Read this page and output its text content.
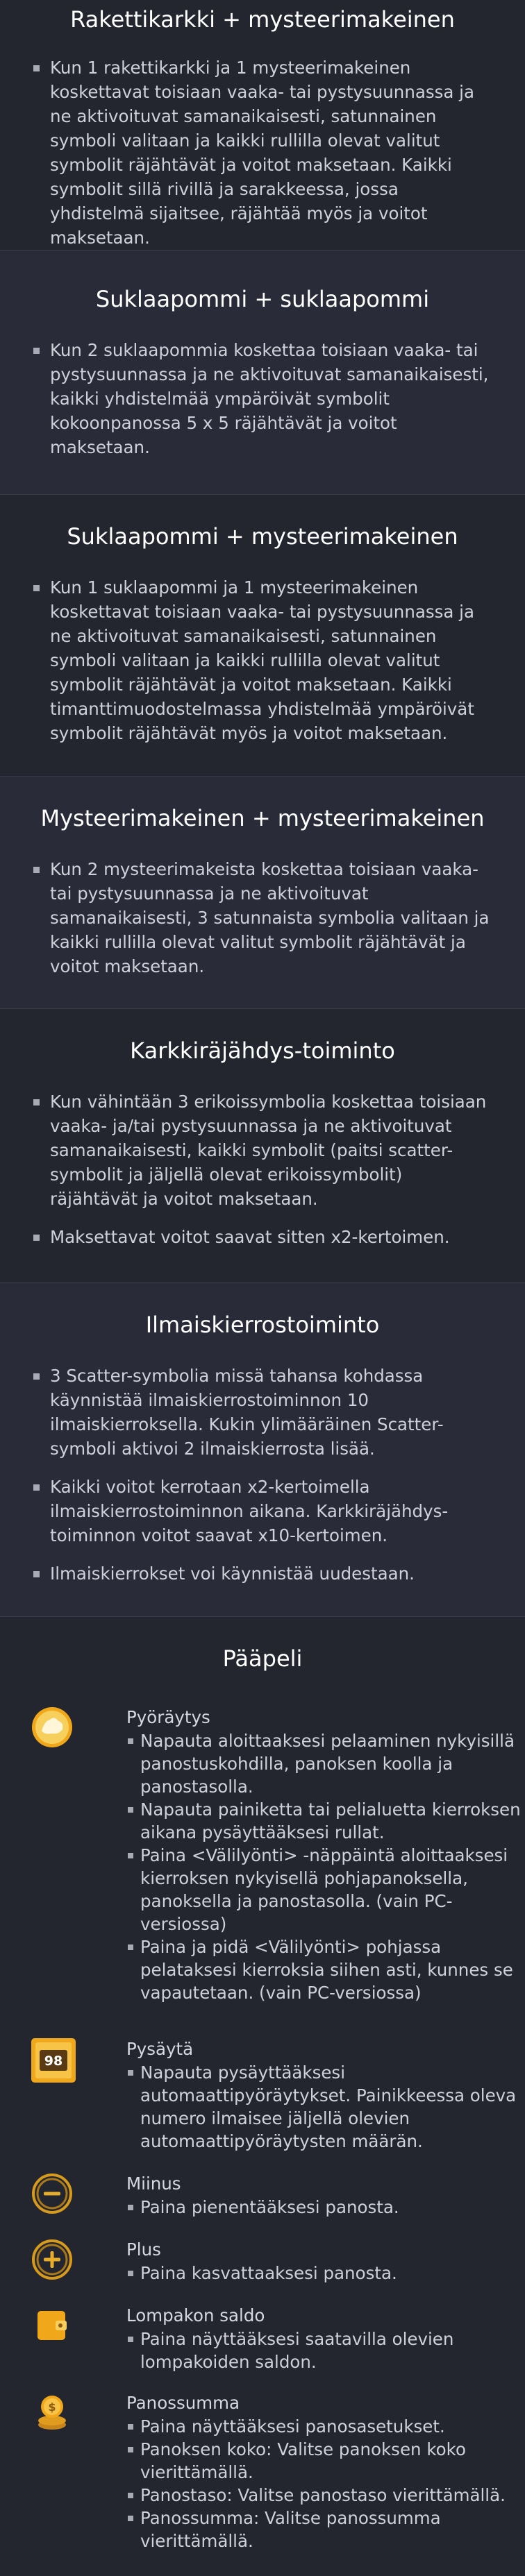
Rakettikarkki + mysteerimakeinen
Kun 1 rakettikarkki ja 1 mysteerimakeinen koskettavat toisiaan vaaka- tai pystysuunnassa ja ne aktivoituvat samanaikaisesti, satunnainen symboli valitaan ja kaikki rullilla olevat valitut symbolit räjähtävät ja voitot maksetaan. Kaikki symbolit sillä rivillä ja sarakkeessa, jossa yhdistelmä sijaitsee, räjähtää myös ja voitot maksetaan.
Suklaapommi + suklaapommi
Kun 2 suklaapommia koskettaa toisiaan vaaka- tai pystysuunnassa ja ne aktivoituvat samanaikaisesti, kaikki yhdistelmää ympäröivät symbolit kokoonpanossa 5 x 5 räjähtävät ja voitot maksetaan.
Suklaapommi + mysteerimakeinen
Kun 1 suklaapommi ja 1 mysteerimakeinen koskettavat toisiaan vaaka- tai pystysuunnassa ja ne aktivoituvat samanaikaisesti, satunnainen symboli valitaan ja kaikki rullilla olevat valitut symbolit räjähtävät ja voitot maksetaan. Kaikki timanttimuodostelmassa yhdistelmää ympäröivät symbolit räjähtävät myös ja voitot maksetaan.
Mysteerimakeinen + mysteerimakeinen
Kun 2 mysteerimakeista koskettaa toisiaan vaaka- tai pystysuunnassa ja ne aktivoituvat samanaikaisesti, 3 satunnaista symbolia valitaan ja kaikki rullilla olevat valitut symbolit räjähtävät ja voitot maksetaan.
Karkkiräjähdys-toiminto
Kun vähintään 3 erikoissymbolia koskettaa toisiaan vaaka- ja/tai pystysuunnassa ja ne aktivoituvat samanaikaisesti, kaikki symbolit (paitsi scatter-symbolit ja jäljellä olevat erikoissymbolit) räjähtävät ja voitot maksetaan.
Maksettavat voitot saavat sitten x2-kertoimen.
Ilmaiskierrostoiminto
3 Scatter-symbolia missä tahansa kohdassa käynnistää ilmaiskierrostoiminnon 10 ilmaiskierroksella. Kukin ylimääräinen Scatter-symboli aktivoi 2 ilmaiskierrosta lisää.
Kaikki voitot kerrotaan x2-kertoimella ilmaiskierrostoiminnon aikana. Karkkiräjähdys-toiminnon voitot saavat x10-kertoimen.
Ilmaiskierrokset voi käynnistää uudestaan.
Pääpeli
Pyöräytys
Napauta aloittaaksesi pelaaminen nykyisillä panostuskohdilla, panoksen koolla ja panostasolla.
Napauta painiketta tai pelialuetta kierroksen aikana pysäyttääksesi rullat.
Paina <Välilyönti> -näppäintä aloittaaksesi kierroksen nykyisellä pohjapanoksella, panoksella ja panostasolla. (vain PC-versiossa)
Paina ja pidä <Välilyönti> pohjassa pelataksesi kierroksia siihen asti, kunnes se vapautetaan. (vain PC-versiossa)
98
Pysäytä
Napauta pysäyttääksesi automaattipyöräytykset. Painikkeessa oleva numero ilmaisee jäljellä olevien automaattipyöräytysten määrän.
Miinus
Paina pienentääksesi panosta.
Plus
Paina kasvattaaksesi panosta.
Lompakon saldo
Paina näyttääksesi saatavilla olevien lompakoiden saldon.
$	Panossumma
Paina näyttääksesi panosasetukset.
Panoksen koko: Valitse panoksen koko vierittämällä.
Panostaso: Valitse panostaso vierittämällä.
Panossumma: Valitse panossumma vierittämällä.
